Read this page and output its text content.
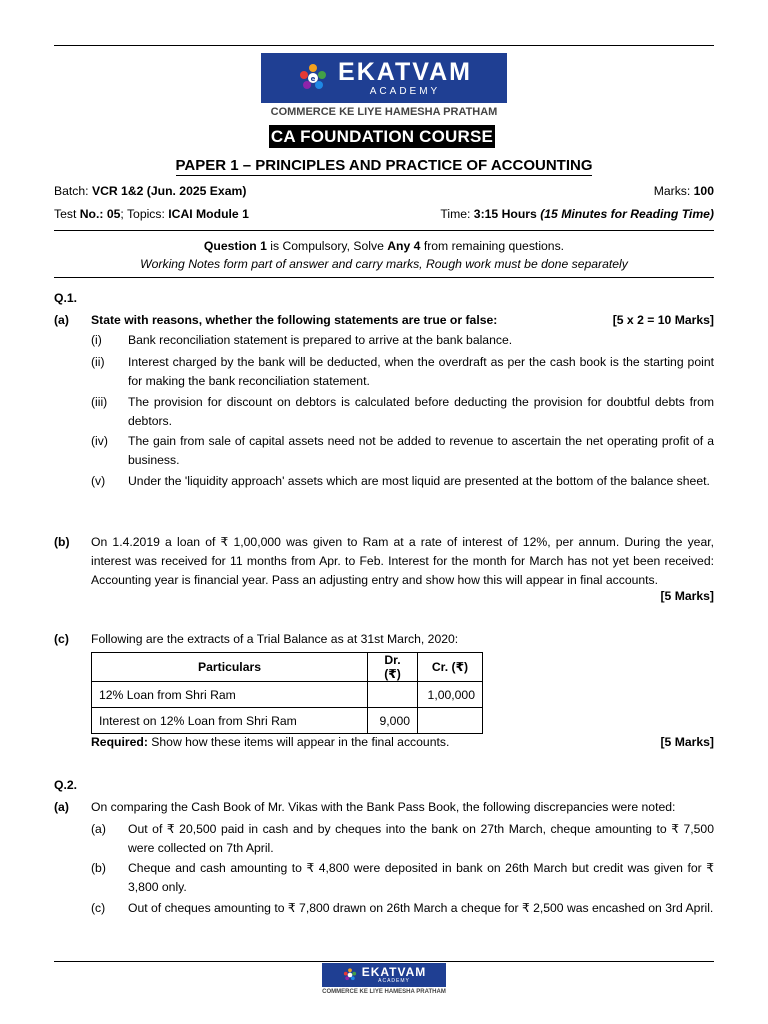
e EKATVAM
ACADEMY
COMMERCE KE LIYE HAMESHA PRATHAM
CA FOUNDATION COURSE
PAPER 1 – PRINCIPLES AND PRACTICE OF ACCOUNTING
Batch: VCR 1&2 (Jun. 2025 Exam)	Marks: 100
Test No.: 05; Topics: ICAI Module 1	Time: 3:15 Hours (15 Minutes for Reading Time)
Question 1 is Compulsory, Solve Any 4 from remaining questions.
Working Notes form part of answer and carry marks, Rough work must be done separately
Q.1.
(a) State with reasons, whether the following statements are true or false:	[5 x 2 = 10 Marks]
(i) Bank reconciliation statement is prepared to arrive at the bank balance.
(ii) Interest charged by the bank will be deducted, when the overdraft as per the cash book is the starting point for making the bank reconciliation statement.
(iii) The provision for discount on debtors is calculated before deducting the provision for doubtful debts from debtors.
(iv) The gain from sale of capital assets need not be added to revenue to ascertain the net operating profit of a business.
(v) Under the 'liquidity approach' assets which are most liquid are presented at the bottom of the balance sheet.
(b) On 1.4.2019 a loan of ₹ 1,00,000 was given to Ram at a rate of interest of 12%, per annum. During the year, interest was received for 11 months from Apr. to Feb. Interest for the month for March has not yet been received: Accounting year is financial year. Pass an adjusting entry and show how this will appear in final accounts.
[5 Marks]
(c) Following are the extracts of a Trial Balance as at 31st March, 2020:
Particulars	Dr. (₹)	Cr. (₹)
12% Loan from Shri Ram		1,00,000
Interest on 12% Loan from Shri Ram	9,000	
Required: Show how these items will appear in the final accounts.	[5 Marks]
Q.2.
(a) On comparing the Cash Book of Mr. Vikas with the Bank Pass Book, the following discrepancies were noted:
(a) Out of ₹ 20,500 paid in cash and by cheques into the bank on 27th March, cheque amounting to ₹ 7,500 were collected on 7th April.
(b) Cheque and cash amounting to ₹ 4,800 were deposited in bank on 26th March but credit was given for ₹ 3,800 only.
(c) Out of cheques amounting to ₹ 7,800 drawn on 26th March a cheque for ₹ 2,500 was encashed on 3rd April.
EKATVAM
ACADEMY
COMMERCE KE LIYE HAMESHA PRATHAM
